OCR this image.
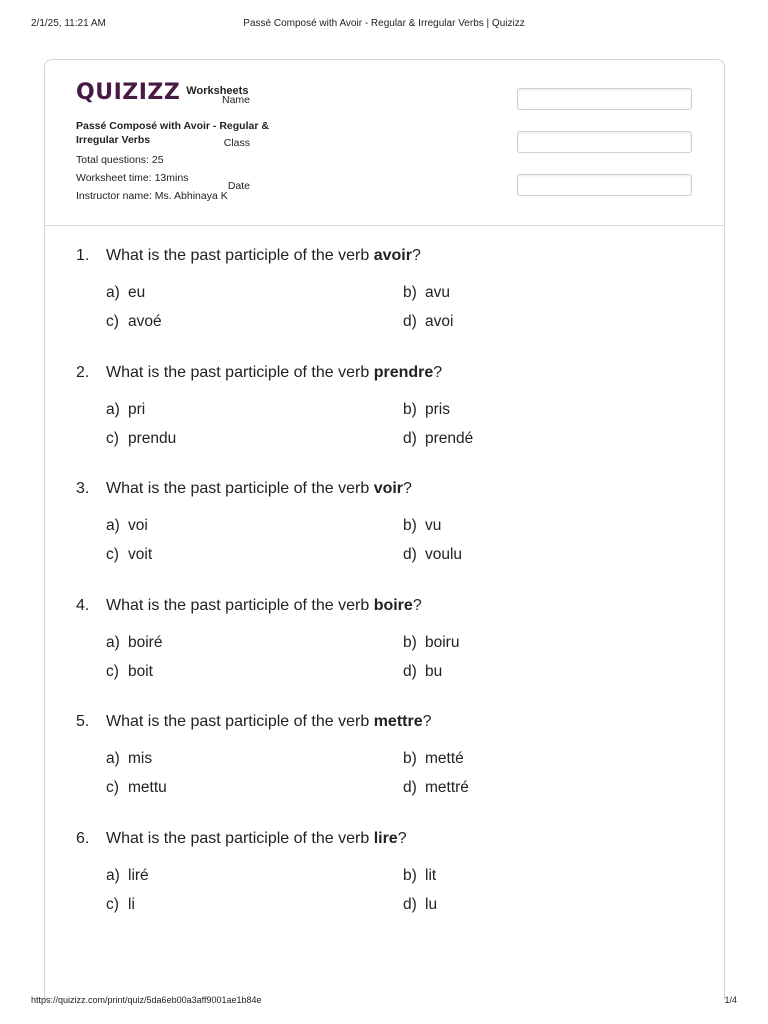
2/1/25, 11:21 AM	Passé Composé with Avoir - Regular & Irregular Verbs | Quizizz
QUIZIZZ Worksheets
Passé Composé with Avoir - Regular & Irregular Verbs
Total questions: 25
Worksheet time: 13mins
Instructor name: Ms. Abhinaya K
Name
Class
Date
1. What is the past participle of the verb avoir?
a) eu	b) avu
c) avoé	d) avoi
2. What is the past participle of the verb prendre?
a) pri	b) pris
c) prendu	d) prendé
3. What is the past participle of the verb voir?
a) voi	b) vu
c) voit	d) voulu
4. What is the past participle of the verb boire?
a) boiré	b) boiru
c) boit	d) bu
5. What is the past participle of the verb mettre?
a) mis	b) metté
c) mettu	d) mettré
6. What is the past participle of the verb lire?
a) liré	b) lit
c) li	d) lu
https://quizizz.com/print/quiz/5da6eb00a3aff9001ae1b84e	1/4
